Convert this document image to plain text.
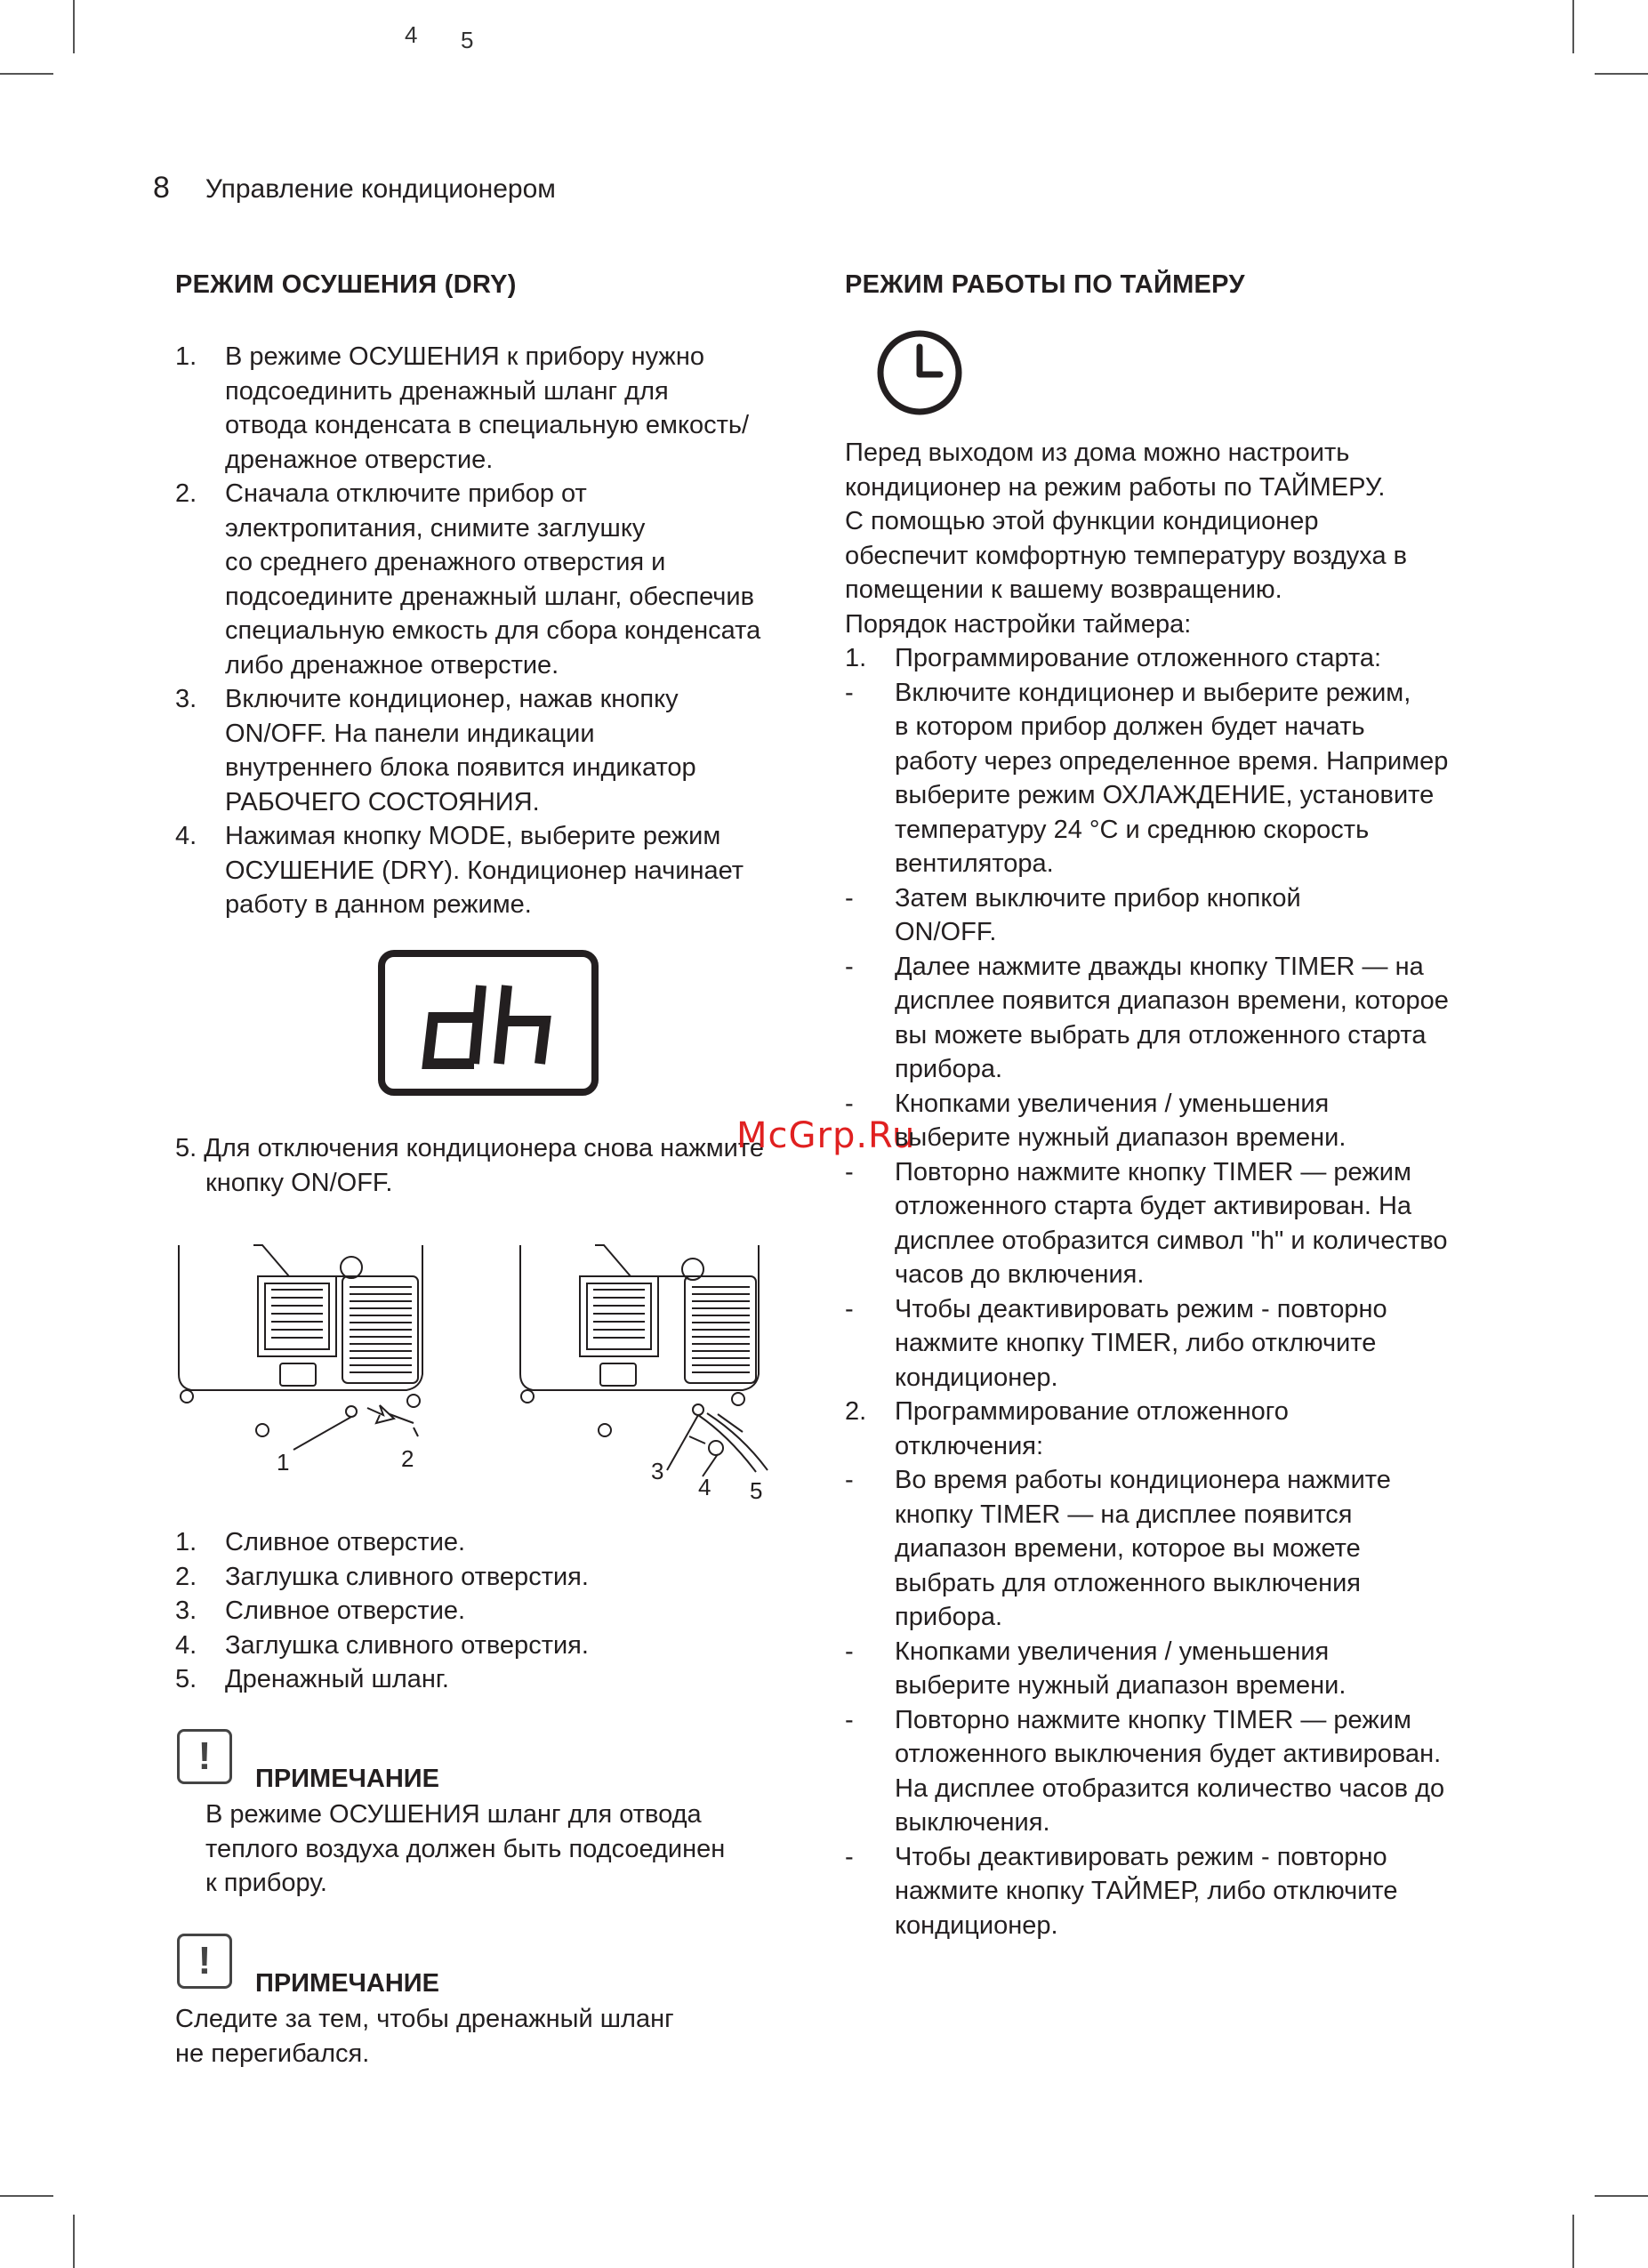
4 5
8 Управление кондиционером
РЕЖИМ ОСУШЕНИЯ (DRY)
1. В режиме ОСУШЕНИЯ к прибору нужно
подсоединить дренажный шланг для
отвода конденсата в специальную емкость/
дренажное отверстие.
2. Сначала отключите прибор от
электропитания, снимите заглушку
со среднего дренажного отверстия и
подсоедините дренажный шланг, обеспечив
специальную емкость для сбора конденсата
либо дренажное отверстие.
3. Включите кондиционер, нажав кнопку
ON/OFF. На панели индикации
внутреннего блока появится индикатор
РАБОЧЕГО СОСТОЯНИЯ.
4. Нажимая кнопку MODE, выберите режим
ОСУШЕНИЕ (DRY). Кондиционер начинает
работу в данном режиме.
dh
5. Для отключения кондиционера снова нажмите
кнопку ON/OFF.
1	2	3
4 5
1. Сливное отверстие.
2. Заглушка сливного отверстия.
3. Сливное отверстие.
4. Заглушка сливного отверстия.
5. Дренажный шланг.
!
ПРИМЕЧАНИЕ
В режиме ОСУШЕНИЯ шланг для отвода
теплого воздуха должен быть подсоединен
к прибору.
!
ПРИМЕЧАНИЕ
Следите за тем, чтобы дренажный шланг
не перегибался.
McGrp.Ru
РЕЖИМ РАБОТЫ ПО ТАЙМЕРУ
Перед выходом из дома можно настроить
кондиционер на режим работы по ТАЙМЕРУ.
С помощью этой функции кондиционер
обеспечит комфортную температуру воздуха в
помещении к вашему возвращению.
Порядок настройки таймера:
1. Программирование отложенного старта:
- Включите кондиционер и выберите режим,
в котором прибор должен будет начать
работу через определенное время. Например
выберите режим ОХЛАЖДЕНИЕ, установите
температуру 24 °C и среднюю скорость
вентилятора.
- Затем выключите прибор кнопкой
ON/OFF.
- Далее нажмите дважды кнопку TIMER — на
дисплее появится диапазон времени, которое
вы можете выбрать для отложенного старта
прибора.
- Кнопками увеличения / уменьшения
выберите нужный диапазон времени.
- Повторно нажмите кнопку TIMER — режим
отложенного старта будет активирован. На
дисплее отобразится символ "h" и количество
часов до включения.
- Чтобы деактивировать режим - повторно
нажмите кнопку TIMER, либо отключите
кондиционер.
2. Программирование отложенного
отключения:
- Во время работы кондиционера нажмите
кнопку TIMER — на дисплее появится
диапазон времени, которое вы можете
выбрать для отложенного выключения
прибора.
- Кнопками увеличения / уменьшения
выберите нужный диапазон времени.
- Повторно нажмите кнопку TIMER — режим
отложенного выключения будет активирован.
На дисплее отобразится количество часов до
выключения.
- Чтобы деактивировать режим - повторно
нажмите кнопку ТАЙМЕР, либо отключите
кондиционер.
